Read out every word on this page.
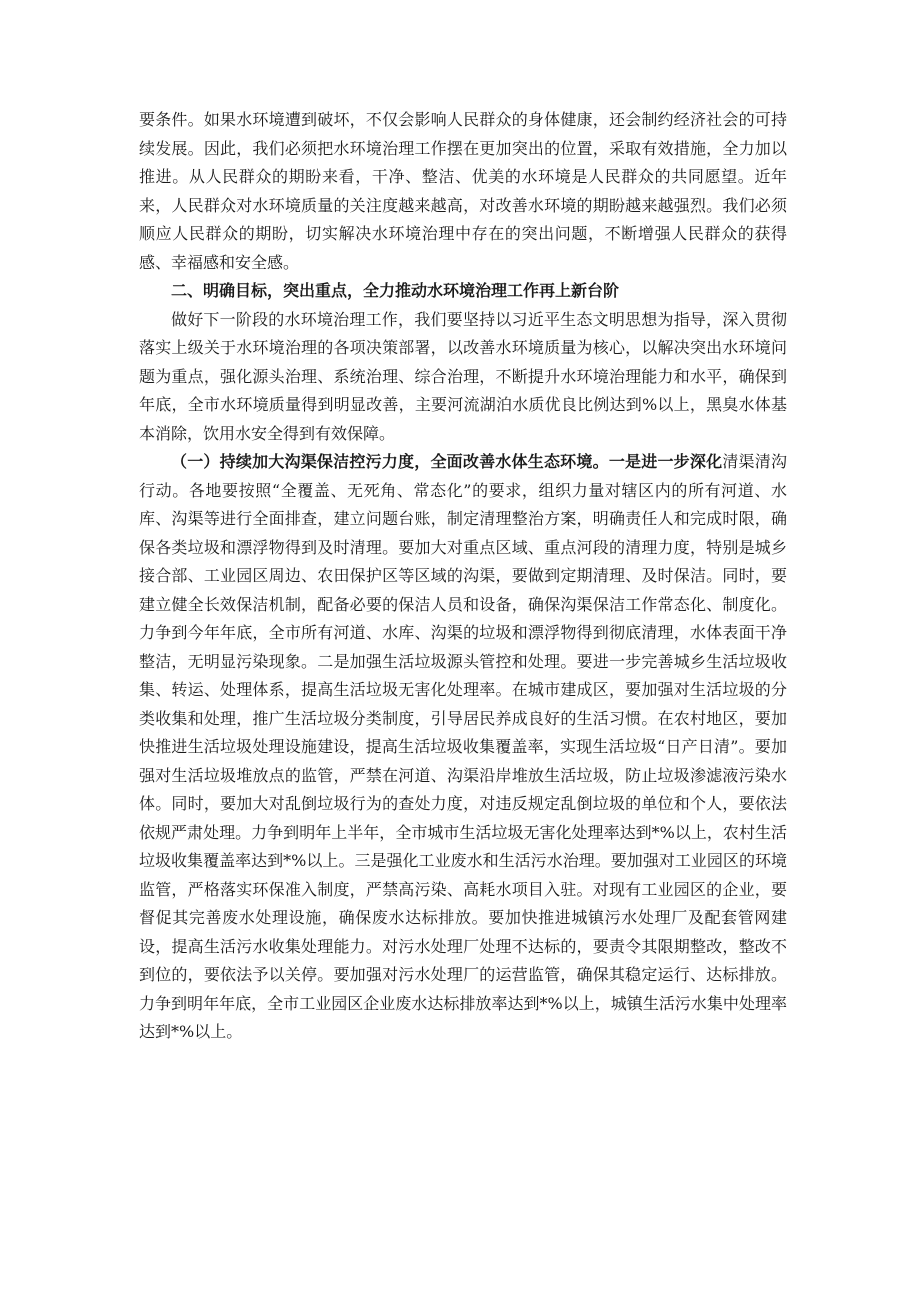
要条件。如果水环境遭到破坏，不仅会影响人民群众的身体健康，还会制约经济社会的可持续发展。因此，我们必须把水环境治理工作摆在更加突出的位置，采取有效措施，全力加以推进。从人民群众的期盼来看，干净、整洁、优美的水环境是人民群众的共同愿望。近年来，人民群众对水环境质量的关注度越来越高，对改善水环境的期盼越来越强烈。我们必须顺应人民群众的期盼，切实解决水环境治理中存在的突出问题，不断增强人民群众的获得感、幸福感和安全感。

二、明确目标，突出重点，全力推动水环境治理工作再上新台阶

做好下一阶段的水环境治理工作，我们要坚持以习近平生态文明思想为指导，深入贯彻落实上级关于水环境治理的各项决策部署，以改善水环境质量为核心，以解决突出水环境问题为重点，强化源头治理、系统治理、综合治理，不断提升水环境治理能力和水平，确保到年底，全市水环境质量得到明显改善，主要河流湖泊水质优良比例达到%以上，黑臭水体基本消除，饮用水安全得到有效保障。

（一）持续加大沟渠保洁控污力度，全面改善水体生态环境。一是进一步深化清渠清沟行动。各地要按照“全覆盖、无死角、常态化”的要求，组织力量对辖区内的所有河道、水库、沟渠等进行全面排查，建立问题台账，制定清理整治方案，明确责任人和完成时限，确保各类垃圾和漂浮物得到及时清理。要加大对重点区域、重点河段的清理力度，特别是城乡接合部、工业园区周边、农田保护区等区域的沟渠，要做到定期清理、及时保洁。同时，要建立健全长效保洁机制，配备必要的保洁人员和设备，确保沟渠保洁工作常态化、制度化。力争到今年年底，全市所有河道、水库、沟渠的垃圾和漂浮物得到彻底清理，水体表面干净整洁，无明显污染现象。二是加强生活垃圾源头管控和处理。要进一步完善城乡生活垃圾收集、转运、处理体系，提高生活垃圾无害化处理率。在城市建成区，要加强对生活垃圾的分类收集和处理，推广生活垃圾分类制度，引导居民养成良好的生活习惯。在农村地区，要加快推进生活垃圾处理设施建设，提高生活垃圾收集覆盖率，实现生活垃圾“日产日清”。要加强对生活垃圾堆放点的监管，严禁在河道、沟渠沿岸堆放生活垃圾，防止垃圾渗滤液污染水体。同时，要加大对乱倒垃圾行为的查处力度，对违反规定乱倒垃圾的单位和个人，要依法依规严肃处理。力争到明年上半年，全市城市生活垃圾无害化处理率达到*%以上，农村生活垃圾收集覆盖率达到*%以上。三是强化工业废水和生活污水治理。要加强对工业园区的环境监管，严格落实环保准入制度，严禁高污染、高耗水项目入驻。对现有工业园区的企业，要督促其完善废水处理设施，确保废水达标排放。要加快推进城镇污水处理厂及配套管网建设，提高生活污水收集处理能力。对污水处理厂处理不达标的，要责令其限期整改，整改不到位的，要依法予以关停。要加强对污水处理厂的运营监管，确保其稳定运行、达标排放。力争到明年年底，全市工业园区企业废水达标排放率达到*%以上，城镇生活污水集中处理率达到*%以上。
